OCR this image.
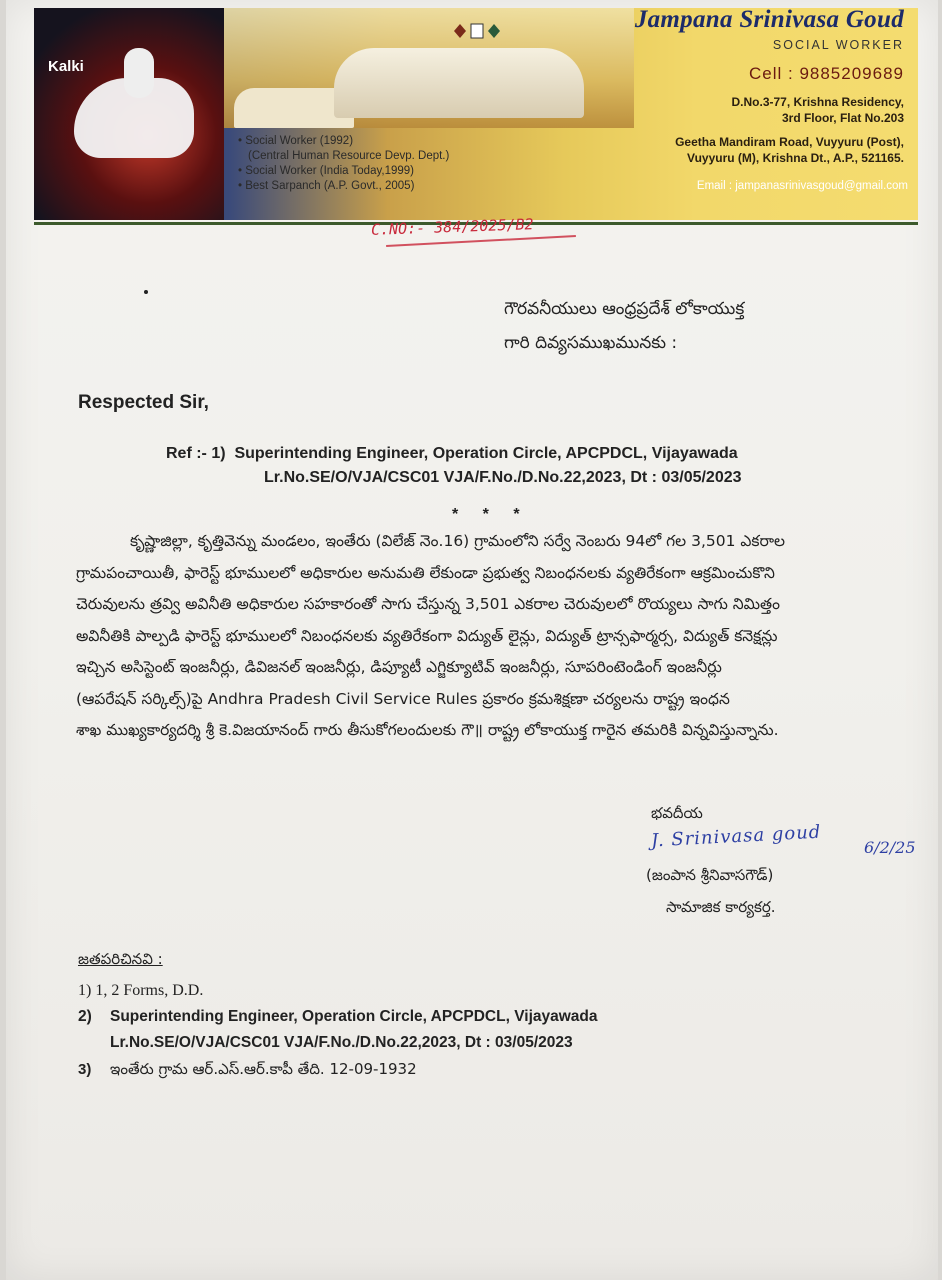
Kalki
• Social Worker (1992)
(Central Human Resource Devp. Dept.)
• Social Worker (India Today,1999)
• Best Sarpanch (A.P. Govt., 2005)
Jampana Srinivasa Goud
SOCIAL WORKER
Cell : 9885209689
D.No.3-77, Krishna Residency,
3rd Floor, Flat No.203
Geetha Mandiram Road, Vuyyuru (Post),
Vuyyuru (M), Krishna Dt., A.P., 521165.
Email : jampanasrinivasgoud@gmail.com
C.NO:- 384/2025/B2
గౌరవనీయులు ఆంధ్రప్రదేశ్ లోకాయుక్త
గారి దివ్యసముఖమునకు :
Respected Sir,
Ref :- 1) Superintending Engineer, Operation Circle, APCPDCL, Vijayawada
Lr.No.SE/O/VJA/CSC01 VJA/F.No./D.No.22,2023, Dt : 03/05/2023
* * *
కృష్ణాజిల్లా, కృత్తివెన్ను మండలం, ఇంతేరు (విలేజ్ నెం.16) గ్రామంలోని సర్వే నెంబరు 94లో గల 3,501 ఎకరాల
గ్రామపంచాయితీ, ఫారెస్ట్ భూములలో అధికారుల అనుమతి లేకుండా ప్రభుత్వ నిబంధనలకు వ్యతిరేకంగా ఆక్రమించుకొని
చెరువులను త్రవ్వి అవినీతి అధికారుల సహకారంతో సాగు చేస్తున్న 3,501 ఎకరాల చెరువులలో రొయ్యలు సాగు నిమిత్తం
అవినీతికి పాల్పడి ఫారెస్ట్ భూములలో నిబంధనలకు వ్యతిరేకంగా విద్యుత్ లైన్లు, విద్యుత్ ట్రాన్సఫార్మర్స, విద్యుత్ కనెక్షన్లు
ఇచ్చిన అసిస్టెంట్ ఇంజనీర్లు, డివిజనల్ ఇంజనీర్లు, డిప్యూటీ ఎగ్జిక్యూటివ్ ఇంజనీర్లు, సూపరింటెండింగ్ ఇంజనీర్లు
(ఆపరేషన్ సర్కిల్స్)పై Andhra Pradesh Civil Service Rules ప్రకారం క్రమశిక్షణా చర్యలను రాష్ట్ర ఇంధన
శాఖ ముఖ్యకార్యదర్శి శ్రీ కె.విజయానంద్ గారు తీసుకోగలందులకు గౌ॥ రాష్ట్ర లోకాయుక్త గారైన తమరికి విన్నవిస్తున్నాను.
భవదీయ
J. Srinivasa goud	6/2/25
(జంపాన శ్రీనివాసగౌడ్)
సామాజిక కార్యకర్త.
జతపరిచినవి :
1) 1, 2 Forms, D.D.
2) Superintending Engineer, Operation Circle, APCPDCL, Vijayawada
Lr.No.SE/O/VJA/CSC01 VJA/F.No./D.No.22,2023, Dt : 03/05/2023
3) ఇంతేరు గ్రామ ఆర్.ఎస్.ఆర్.కాపీ తేది. 12-09-1932
